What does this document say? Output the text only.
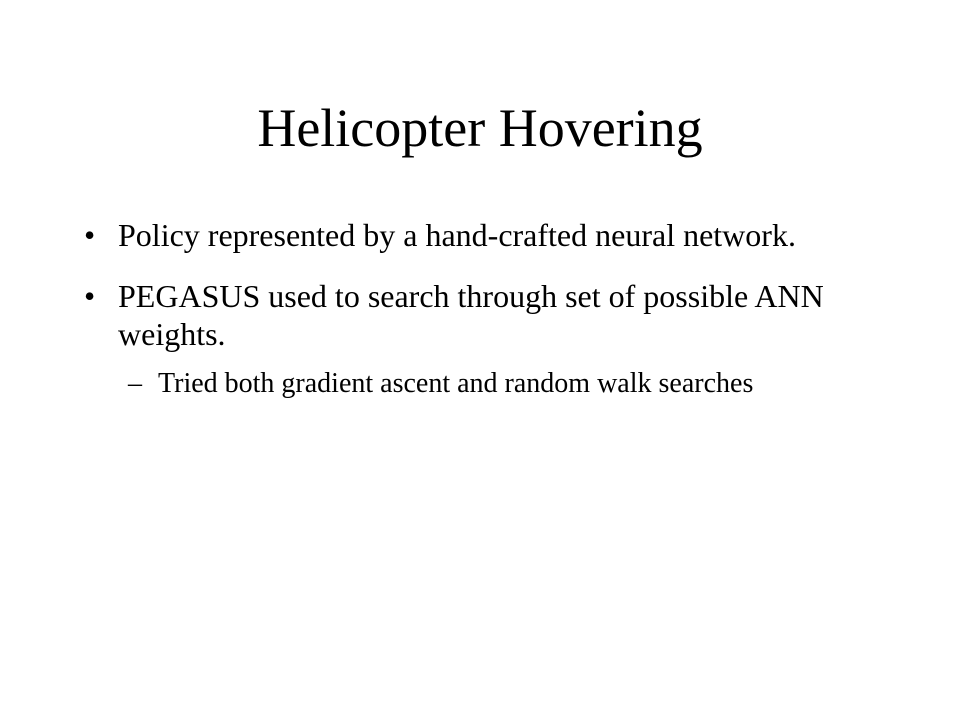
Helicopter Hovering
• Policy represented by a hand-crafted neural network.
• PEGASUS used to search through set of possible ANN weights.
– Tried both gradient ascent and random walk searches
